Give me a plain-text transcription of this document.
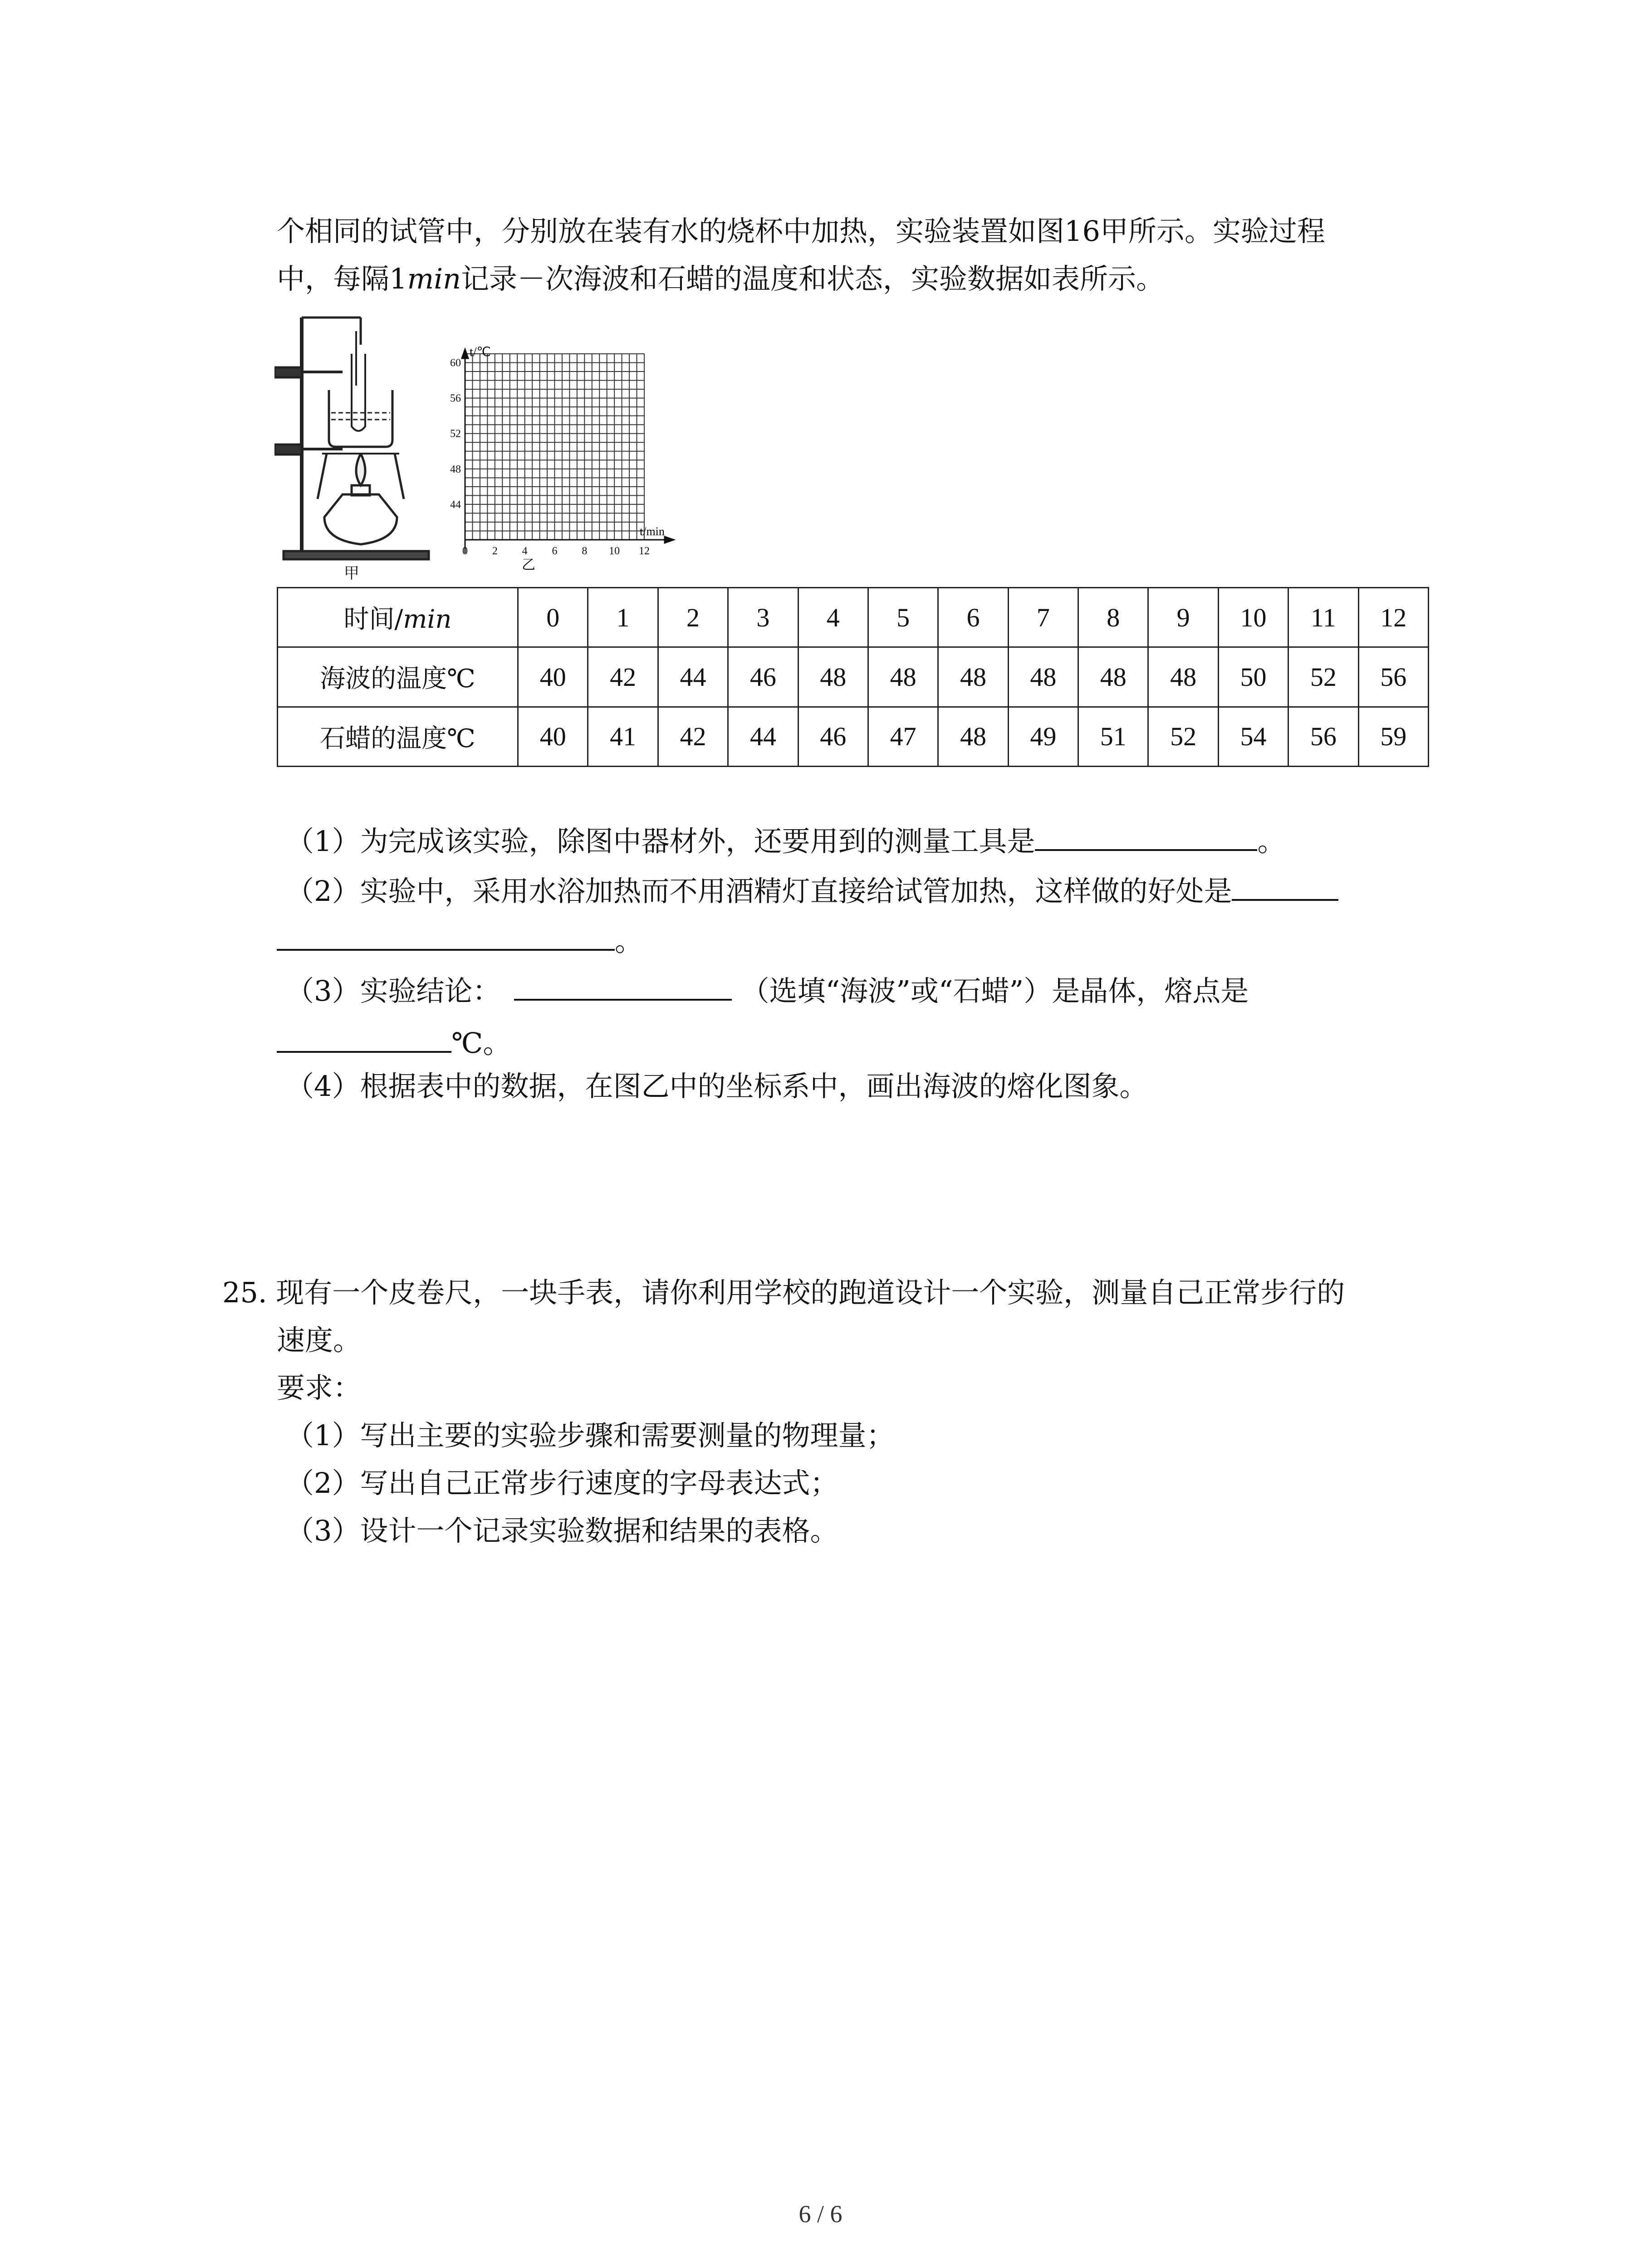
个相同的试管中，分别放在装有水的烧杯中加热，实验装置如图16甲所示。实验过程
中，每隔1min记录－次海波和石蜡的温度和状态，实验数据如表所示。
甲
0 2 4 6 8 10 12
44
48
52
56
60
t/℃
t/min
乙
时间/min	0	1	2	3	4	5	6	7	8	9	10	11	12
海波的温度℃	40	42	44	46	48	48	48	48	48	48	50	52	56
石蜡的温度℃	40	41	42	44	46	47	48	49	51	52	54	56	59
（1）为完成该实验，除图中器材外，还要用到的测量工具是	。
（2）实验中，采用水浴加热而不用酒精灯直接给试管加热，这样做的好处是
。
（3）实验结论：	（选填“海波”或“石蜡”）是晶体，熔点是
℃。
（4）根据表中的数据，在图乙中的坐标系中，画出海波的熔化图象。
25. 现有一个皮卷尺，一块手表，请你利用学校的跑道设计一个实验，测量自己正常步行的
速度。
要求：
（1）写出主要的实验步骤和需要测量的物理量；
（2）写出自己正常步行速度的字母表达式；
（3）设计一个记录实验数据和结果的表格。
6 / 6
